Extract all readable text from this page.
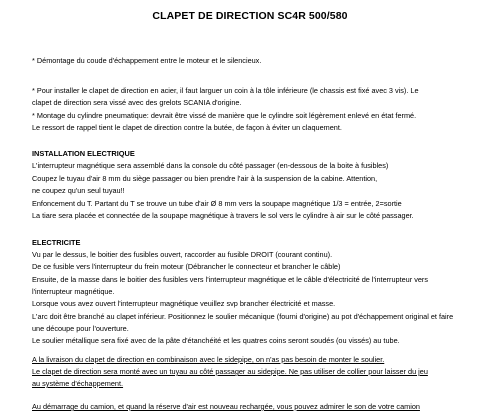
CLAPET DE DIRECTION SC4R 500/580
* Démontage du coude d'échappement entre le moteur et le silencieux.
* Pour installer le clapet de direction en acier, il faut larguer un coin à la tôle inférieure (le chassis est fixé avec 3 vis). Le
clapet de direction sera vissé avec des grelots SCANIA d'origine.
* Montage du cylindre pneumatique: devrait être vissé de manière que le cylindre soit légèrement enlevé en état fermé.
Le ressort de rappel tient le clapet de direction contre la butée, de façon à éviter un claquement.
INSTALLATION ELECTRIQUE
L'interrupteur magnétique sera assemblé dans la console du côté passager (en-dessous de la boite à fusibles)
Coupez le tuyau d'air 8 mm du siège passager ou bien prendre l'air à la suspension de la cabine. Attention,
ne coupez qu'un seul tuyau!!
Enfoncement du T. Partant du T se trouve un tube d'air Ø 8 mm vers la soupape magnétique 1/3 = entrée, 2=sortie
La tiare sera placée et connectée de la soupape magnétique à travers le sol vers le cylindre à air sur le côté passager.
ELECTRICITE
Vu par le dessus, le boitier des fusibles ouvert, raccorder au fusible DROIT (courant continu).
De ce fusible vers l'interrupteur du frein moteur (Débrancher le connecteur et brancher le câble)
Ensuite, de la masse dans le boitier des fusibles vers l'interrupteur magnétique et le câble d'électricité de l'interrupteur vers
l'interrupteur magnétique.
Lorsque vous avez ouvert l'interrupteur magnétique veuillez svp brancher électricité et masse.
L'arc doit être branché au clapet inférieur. Positionnez le soulier mécanique (fourni d'origine) au pot d'échappement original et faire
une découpe pour l'ouverture.
Le soulier métallique sera fixé avec de la pâte d'étanchéité et les quatres coins seront soudés (ou vissés) au tube.
A la livraison du clapet de direction en combinaison avec le sidepipe, on n'as pas besoin de monter le soulier.
Le clapet de direction sera monté avec un tuyau au côté passager au sidepipe. Ne pas utiliser de collier pour laisser du jeu
au système d'échappement.
Au démarrage du camion, et quand la réserve d'air est nouveau rechargée, vous pouvez admirer le son de votre camion
